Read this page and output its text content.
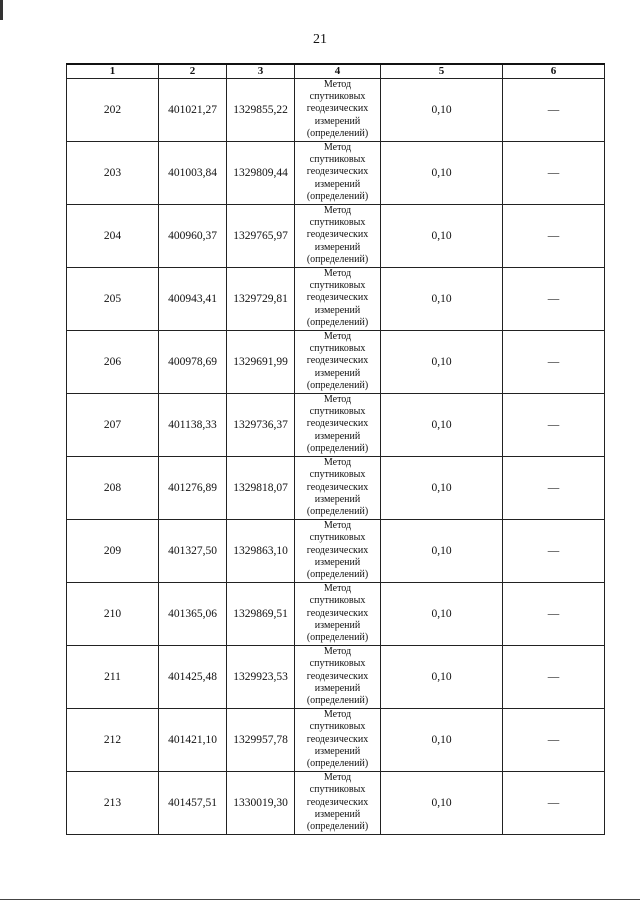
21
1	2	3	4	5	6
202	401021,27	1329855,22	Метод
спутниковых
геодезических
измерений
(определений)	0,10	—
203	401003,84	1329809,44	Метод
спутниковых
геодезических
измерений
(определений)	0,10	—
204	400960,37	1329765,97	Метод
спутниковых
геодезических
измерений
(определений)	0,10	—
205	400943,41	1329729,81	Метод
спутниковых
геодезических
измерений
(определений)	0,10	—
206	400978,69	1329691,99	Метод
спутниковых
геодезических
измерений
(определений)	0,10	—
207	401138,33	1329736,37	Метод
спутниковых
геодезических
измерений
(определений)	0,10	—
208	401276,89	1329818,07	Метод
спутниковых
геодезических
измерений
(определений)	0,10	—
209	401327,50	1329863,10	Метод
спутниковых
геодезических
измерений
(определений)	0,10	—
210	401365,06	1329869,51	Метод
спутниковых
геодезических
измерений
(определений)	0,10	—
211	401425,48	1329923,53	Метод
спутниковых
геодезических
измерений
(определений)	0,10	—
212	401421,10	1329957,78	Метод
спутниковых
геодезических
измерений
(определений)	0,10	—
213	401457,51	1330019,30	Метод
спутниковых
геодезических
измерений
(определений)	0,10	—
